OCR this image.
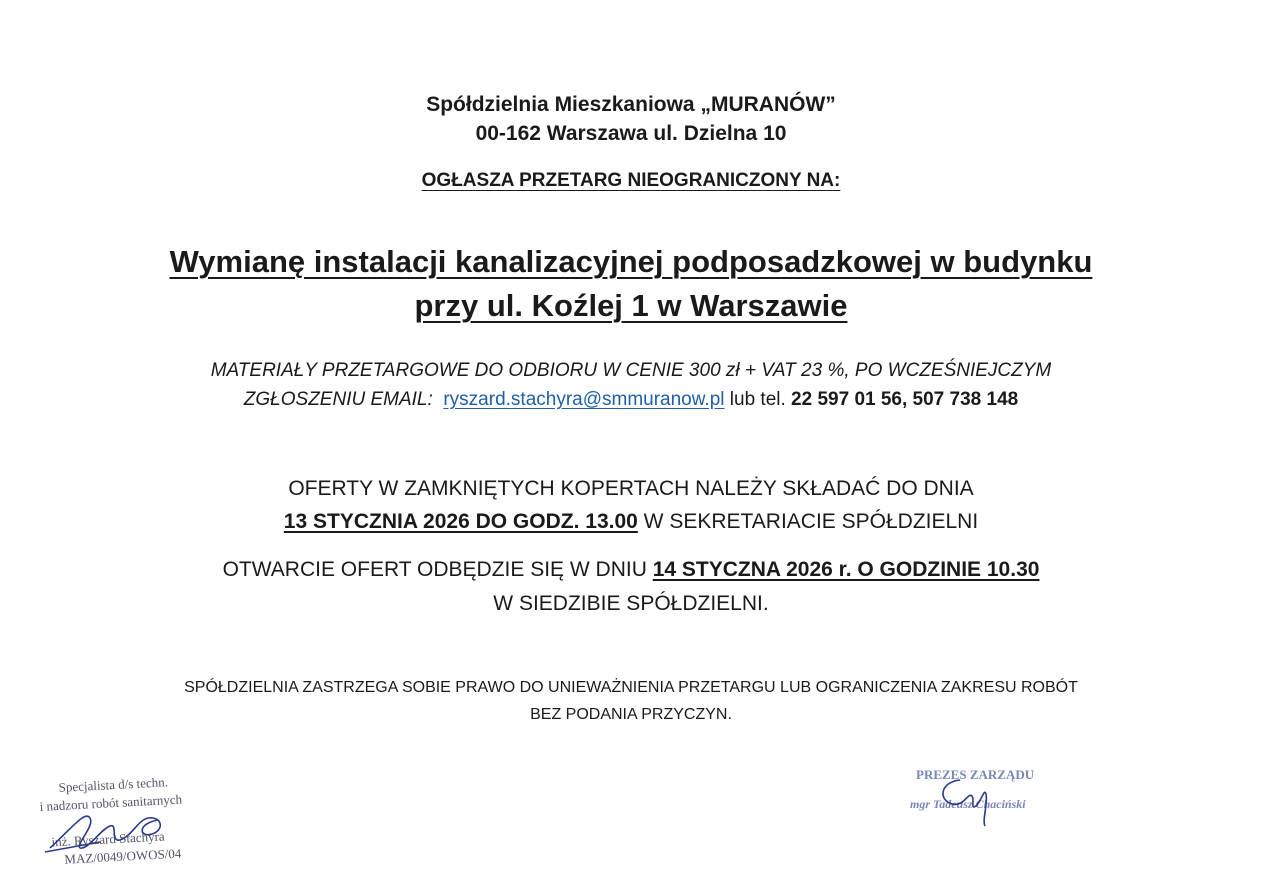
Spółdzielnia Mieszkaniowa „MURANÓW”
00-162 Warszawa ul. Dzielna 10
OGŁASZA PRZETARG NIEOGRANICZONY NA:
Wymianę instalacji kanalizacyjnej podposadzkowej w budynku
przy ul. Koźlej 1 w Warszawie
MATERIAŁY PRZETARGOWE DO ODBIORU W CENIE 300 zł + VAT 23 %, PO WCZEŚNIEJCZYM
ZGŁOSZENIU EMAIL: ryszard.stachyra@smmuranow.pl lub tel. 22 597 01 56, 507 738 148
OFERTY W ZAMKNIĘTYCH KOPERTACH NALEŻY SKŁADAĆ DO DNIA
13 STYCZNIA 2026 DO GODZ. 13.00 W SEKRETARIACIE SPÓŁDZIELNI
OTWARCIE OFERT ODBĘDZIE SIĘ W DNIU 14 STYCZNA 2026 r. O GODZINIE 10.30
W SIEDZIBIE SPÓŁDZIELNI.
SPÓŁDZIELNIA ZASTRZEGA SOBIE PRAWO DO UNIEWAŻNIENIA PRZETARGU LUB OGRANICZENIA ZAKRESU ROBÓT
BEZ PODANIA PRZYCZYN.
Specjalista d/s techn.
i nadzoru robót sanitarnych
inż. Ryszard Stachyra
MAZ/0049/OWOS/04
PREZES ZARZĄDU
mgr Tadeusz Chaciński
